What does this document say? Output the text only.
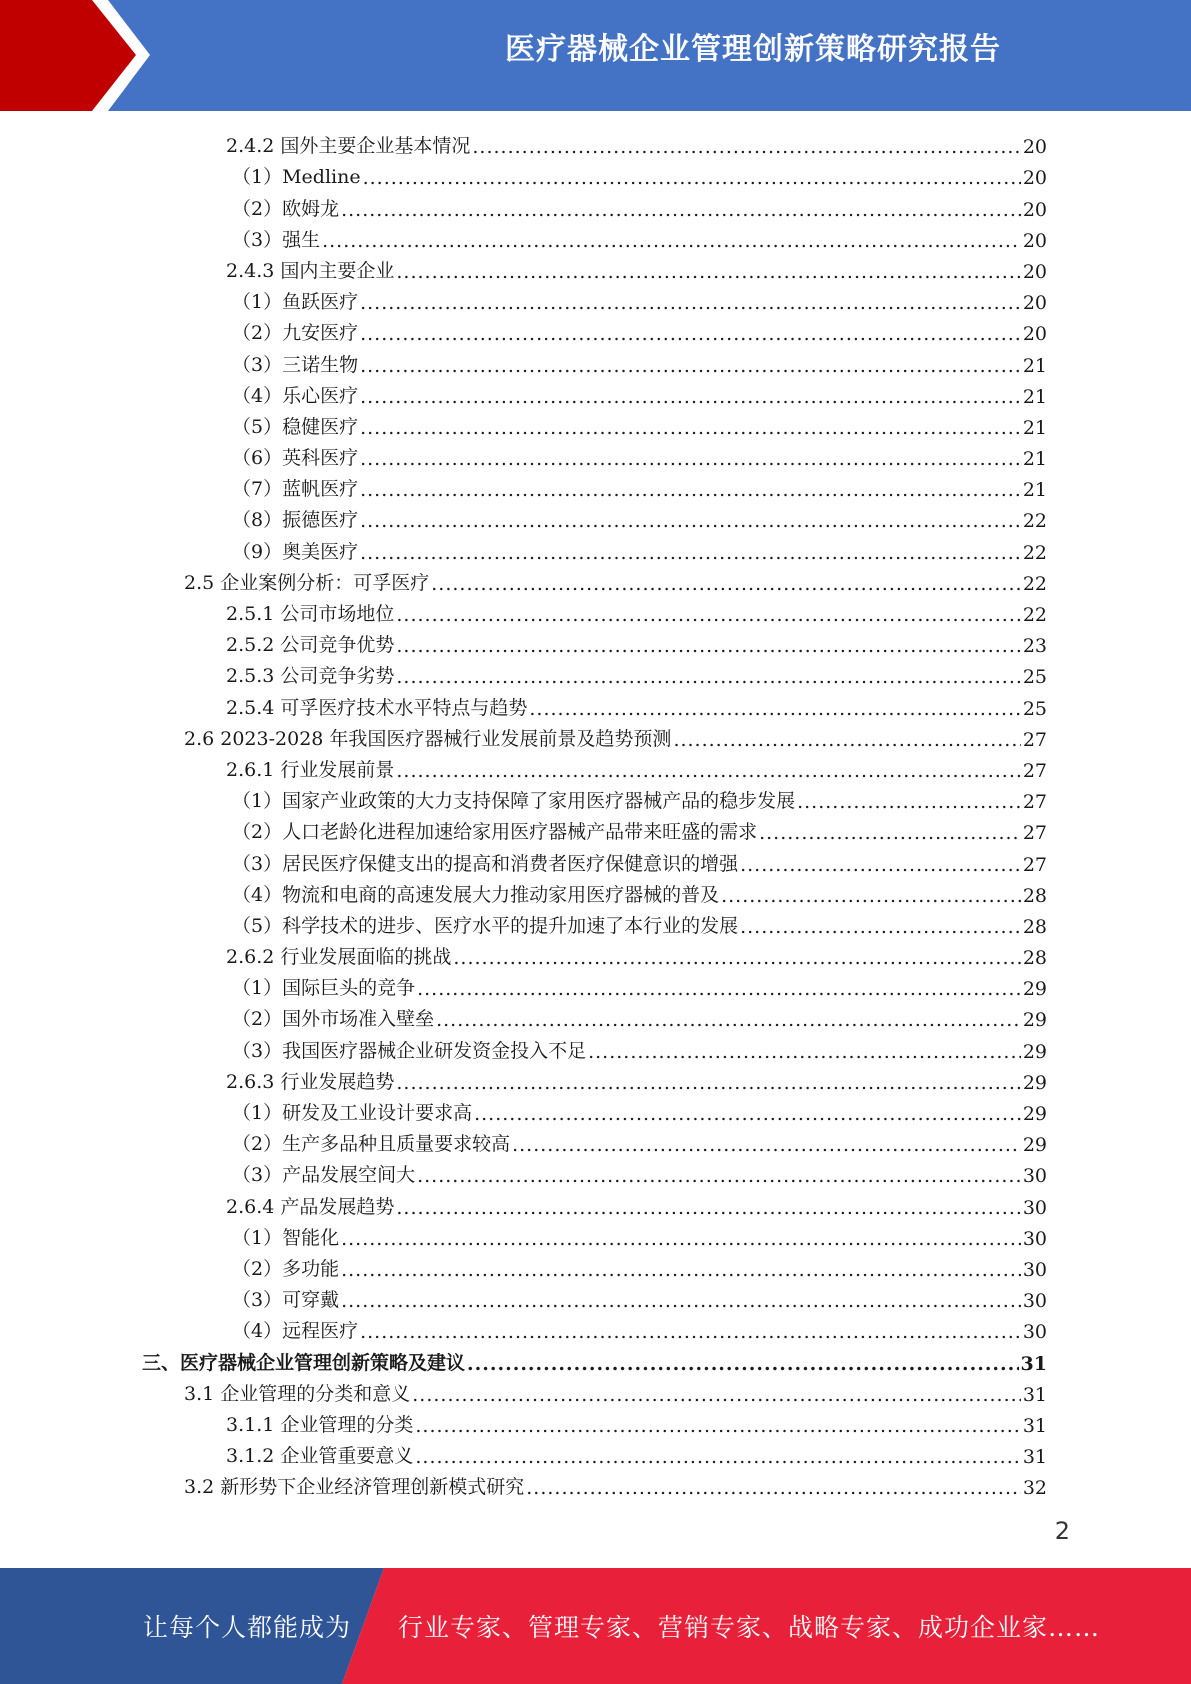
医疗器械企业管理创新策略研究报告
2.4.2 国外主要企业基本情况 .....	20
（1）Medline .....	20
（2）欧姆龙 .....	20
（3）强生 .....	20
2.4.3 国内主要企业 .....	20
（1）鱼跃医疗 .....	20
（2）九安医疗 .....	20
（3）三诺生物 .....	21
（4）乐心医疗 .....	21
（5）稳健医疗 .....	21
（6）英科医疗 .....	21
（7）蓝帆医疗 .....	21
（8）振德医疗 .....	22
（9）奥美医疗 .....	22
2.5 企业案例分析：可孚医疗 .....	22
2.5.1 公司市场地位 .....	22
2.5.2 公司竞争优势 .....	23
2.5.3 公司竞争劣势 .....	25
2.5.4 可孚医疗技术水平特点与趋势 .....	25
2.6 2023-2028 年我国医疗器械行业发展前景及趋势预测 .....	27
2.6.1 行业发展前景 .....	27
（1）国家产业政策的大力支持保障了家用医疗器械产品的稳步发展 .....	27
（2）人口老龄化进程加速给家用医疗器械产品带来旺盛的需求 .....	27
（3）居民医疗保健支出的提高和消费者医疗保健意识的增强 .....	27
（4）物流和电商的高速发展大力推动家用医疗器械的普及 .....	28
（5）科学技术的进步、医疗水平的提升加速了本行业的发展 .....	28
2.6.2 行业发展面临的挑战 .....	28
（1）国际巨头的竞争 .....	29
（2）国外市场准入壁垒 .....	29
（3）我国医疗器械企业研发资金投入不足 .....	29
2.6.3 行业发展趋势 .....	29
（1）研发及工业设计要求高 .....	29
（2）生产多品种且质量要求较高 .....	29
（3）产品发展空间大 .....	30
2.6.4 产品发展趋势 .....	30
（1）智能化 .....	30
（2）多功能 .....	30
（3）可穿戴 .....	30
（4）远程医疗 .....	30
三、医疗器械企业管理创新策略及建议 .....	31
3.1 企业管理的分类和意义 .....	31
3.1.1 企业管理的分类 .....	31
3.1.2 企业管重要意义 .....	31
3.2 新形势下企业经济管理创新模式研究 .....	32
2
让每个人都能成为 行业专家、管理专家、营销专家、战略专家、成功企业家……
